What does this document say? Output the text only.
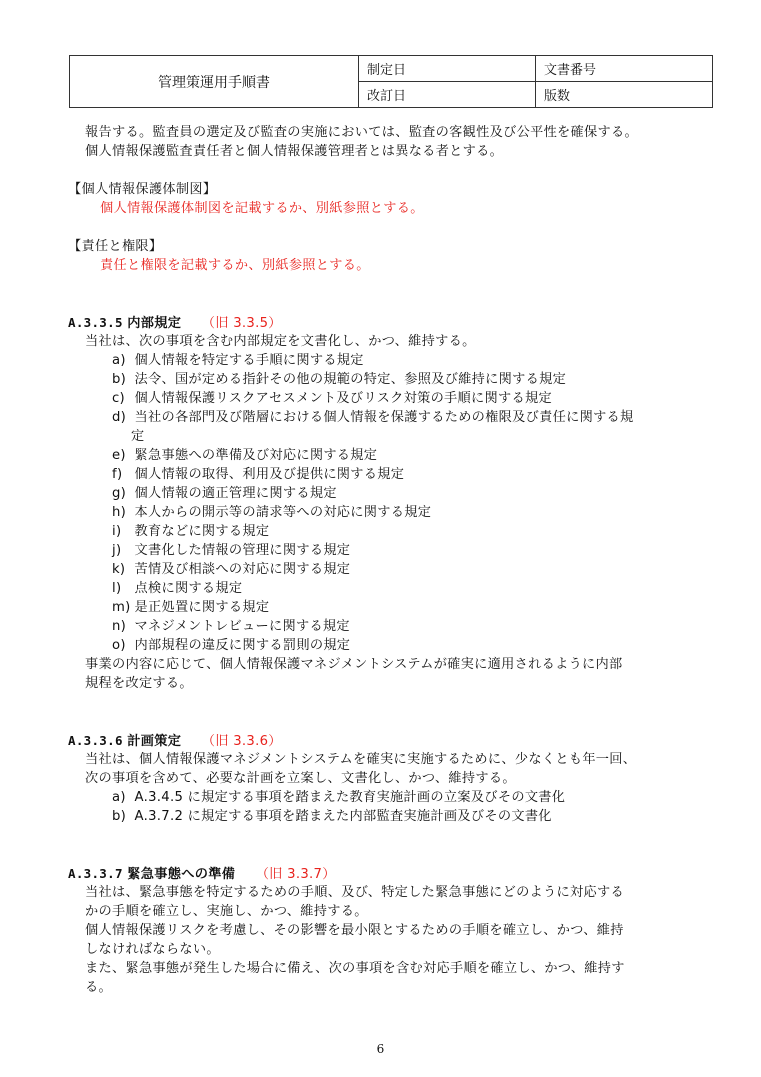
管理策運用手順書	制定日	文書番号
	改訂日	版数
報告する。監査員の選定及び監査の実施においては、監査の客観性及び公平性を確保する。
個人情報保護監査責任者と個人情報保護管理者とは異なる者とする。
【個人情報保護体制図】
個人情報保護体制図を記載するか、別紙参照とする。
【責任と権限】
責任と権限を記載するか、別紙参照とする。
A.3.3.5 内部規定 （旧 3.3.5）
当社は、次の事項を含む内部規定を文書化し、かつ、維持する。
a) 個人情報を特定する手順に関する規定
b) 法令、国が定める指針その他の規範の特定、参照及び維持に関する規定
c) 個人情報保護リスクアセスメント及びリスク対策の手順に関する規定
d) 当社の各部門及び階層における個人情報を保護するための権限及び責任に関する規
定
e) 緊急事態への準備及び対応に関する規定
f) 個人情報の取得、利用及び提供に関する規定
g) 個人情報の適正管理に関する規定
h) 本人からの開示等の請求等への対応に関する規定
i) 教育などに関する規定
j) 文書化した情報の管理に関する規定
k) 苦情及び相談への対応に関する規定
l) 点検に関する規定
m) 是正処置に関する規定
n) マネジメントレビューに関する規定
o) 内部規程の違反に関する罰則の規定
事業の内容に応じて、個人情報保護マネジメントシステムが確実に適用されるように内部
規程を改定する。
A.3.3.6 計画策定 （旧 3.3.6）
当社は、個人情報保護マネジメントシステムを確実に実施するために、少なくとも年一回、
次の事項を含めて、必要な計画を立案し、文書化し、かつ、維持する。
a) A.3.4.5 に規定する事項を踏まえた教育実施計画の立案及びその文書化
b) A.3.7.2 に規定する事項を踏まえた内部監査実施計画及びその文書化
A.3.3.7 緊急事態への準備 （旧 3.3.7）
当社は、緊急事態を特定するための手順、及び、特定した緊急事態にどのように対応する
かの手順を確立し、実施し、かつ、維持する。
個人情報保護リスクを考慮し、その影響を最小限とするための手順を確立し、かつ、維持
しなければならない。
また、緊急事態が発生した場合に備え、次の事項を含む対応手順を確立し、かつ、維持す
る。
6
